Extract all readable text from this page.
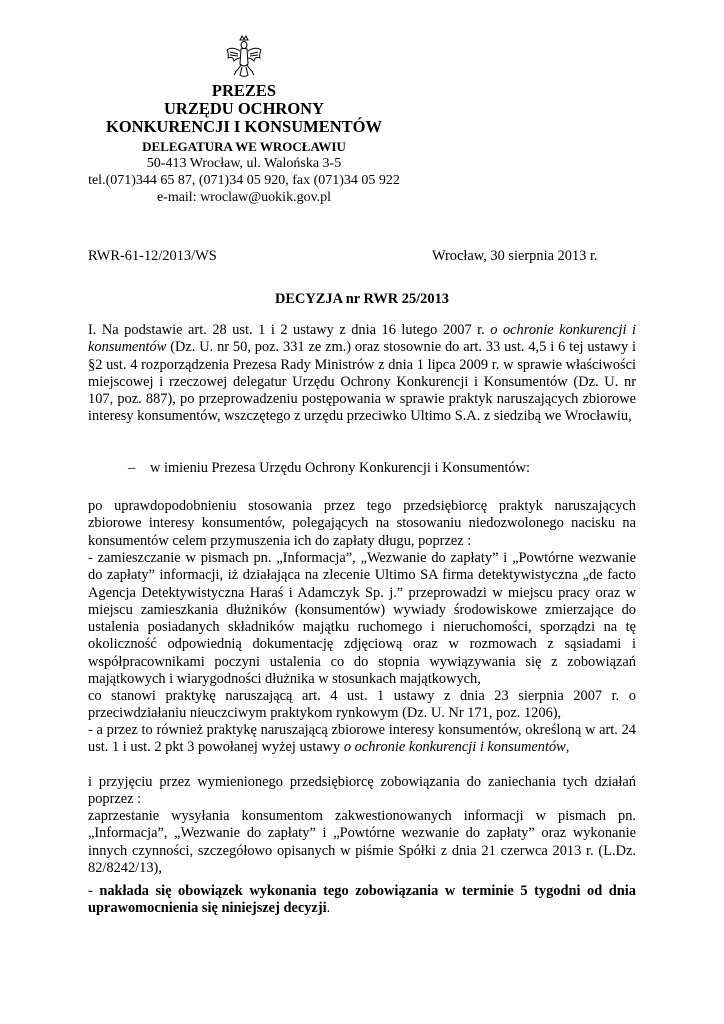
PREZES
URZĘDU OCHRONY
KONKURENCJI I KONSUMENTÓW
DELEGATURA WE WROCŁAWIU
50-413 Wrocław, ul. Walońska 3-5
tel.(071)344 65 87, (071)34 05 920, fax (071)34 05 922
e-mail: wroclaw@uokik.gov.pl
RWR-61-12/2013/WS	Wrocław, 30 sierpnia 2013 r.
DECYZJA nr RWR 25/2013

I. Na podstawie art. 28 ust. 1 i 2 ustawy z dnia 16 lutego 2007 r. o ochronie konkurencji i konsumentów (Dz. U. nr 50, poz. 331 ze zm.) oraz stosownie do art. 33 ust. 4,5 i 6 tej ustawy i §2 ust. 4 rozporządzenia Prezesa Rady Ministrów z dnia 1 lipca 2009 r. w sprawie właściwości miejscowej i rzeczowej delegatur Urzędu Ochrony Konkurencji i Konsumentów (Dz. U. nr 107, poz. 887), po przeprowadzeniu postępowania w sprawie praktyk naruszających zbiorowe interesy konsumentów, wszczętego z urzędu przeciwko Ultimo S.A. z siedzibą we Wrocławiu,

– w imieniu Prezesa Urzędu Ochrony Konkurencji i Konsumentów:

po uprawdopodobnieniu stosowania przez tego przedsiębiorcę praktyk naruszających zbiorowe interesy konsumentów, polegających na stosowaniu niedozwolonego nacisku na konsumentów celem przymuszenia ich do zapłaty długu, poprzez :

- zamieszczanie w pismach pn. „Informacja”, „Wezwanie do zapłaty” i „Powtórne wezwanie do zapłaty” informacji, iż działająca na zlecenie Ultimo SA firma detektywistyczna „de facto Agencja Detektywistyczna Haraś i Adamczyk Sp. j.” przeprowadzi w miejscu pracy oraz w miejscu zamieszkania dłużników (konsumentów) wywiady środowiskowe zmierzające do ustalenia posiadanych składników majątku ruchomego i nieruchomości, sporządzi na tę okoliczność odpowiednią dokumentację zdjęciową oraz w rozmowach z sąsiadami i współpracownikami poczyni ustalenia co do stopnia wywiązywania się z zobowiązań majątkowych i wiarygodności dłużnika w stosunkach majątkowych,

co stanowi praktykę naruszającą art. 4 ust. 1 ustawy z dnia 23 sierpnia 2007 r. o przeciwdziałaniu nieuczciwym praktykom rynkowym (Dz. U. Nr 171, poz. 1206),

- a przez to również praktykę naruszającą zbiorowe interesy konsumentów, określoną w art. 24 ust. 1 i ust. 2 pkt 3 powołanej wyżej ustawy o ochronie konkurencji i konsumentów,

i przyjęciu przez wymienionego przedsiębiorcę zobowiązania do zaniechania tych działań poprzez :

zaprzestanie wysyłania konsumentom zakwestionowanych informacji w pismach pn. „Informacja”, „Wezwanie do zapłaty” i „Powtórne wezwanie do zapłaty” oraz wykonanie innych czynności, szczegółowo opisanych w piśmie Spółki z dnia 21 czerwca 2013 r. (L.Dz. 82/8242/13),

- nakłada się obowiązek wykonania tego zobowiązania w terminie 5 tygodni od dnia uprawomocnienia się niniejszej decyzji.
